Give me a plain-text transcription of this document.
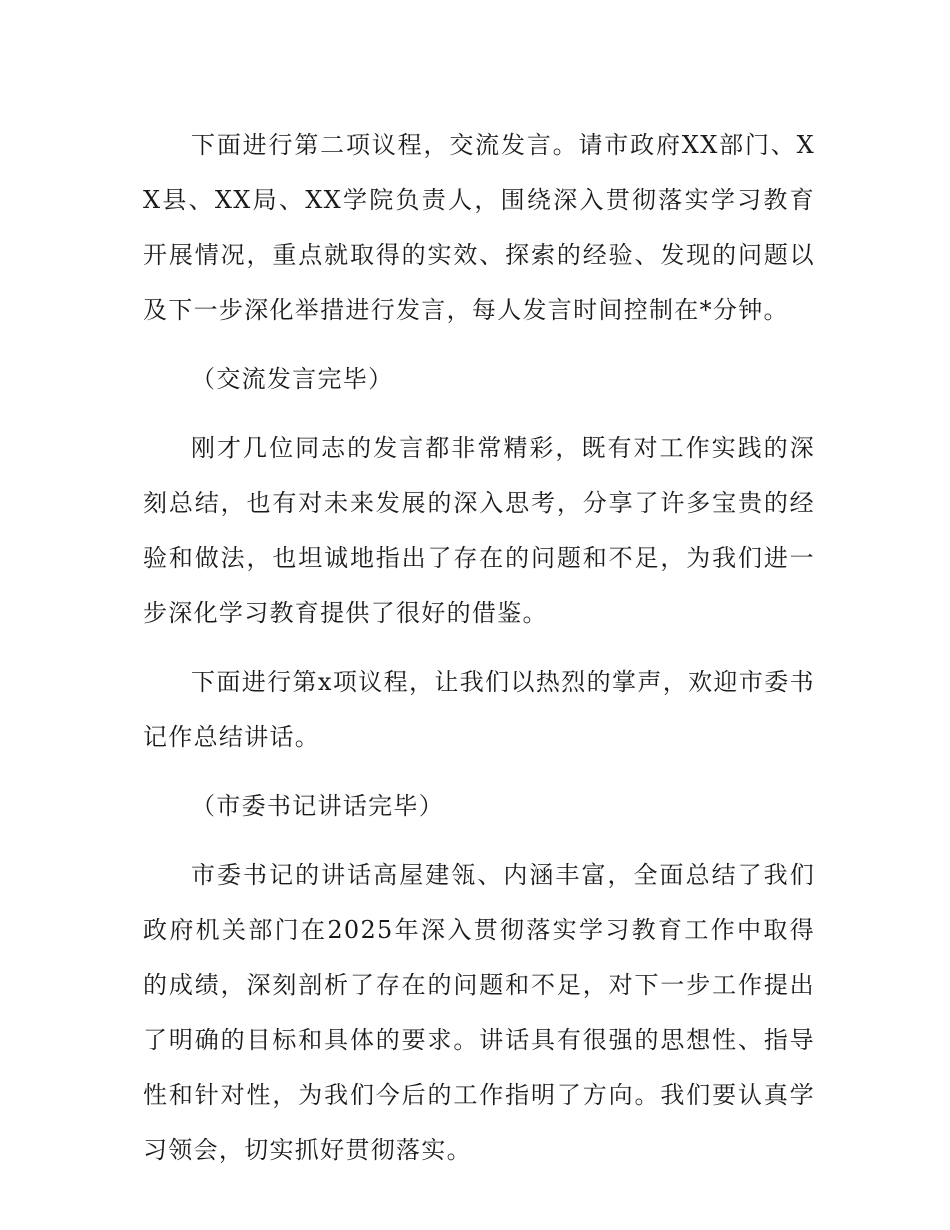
下面进行第二项议程，交流发言。请市政府XX部门、XX县、XX局、XX学院负责人，围绕深入贯彻落实学习教育开展情况，重点就取得的实效、探索的经验、发现的问题以及下一步深化举措进行发言，每人发言时间控制在*分钟。

（交流发言完毕）

刚才几位同志的发言都非常精彩，既有对工作实践的深刻总结，也有对未来发展的深入思考，分享了许多宝贵的经验和做法，也坦诚地指出了存在的问题和不足，为我们进一步深化学习教育提供了很好的借鉴。

下面进行第x项议程，让我们以热烈的掌声，欢迎市委书记作总结讲话。

（市委书记讲话完毕）

市委书记的讲话高屋建瓴、内涵丰富，全面总结了我们政府机关部门在2025年深入贯彻落实学习教育工作中取得的成绩，深刻剖析了存在的问题和不足，对下一步工作提出了明确的目标和具体的要求。讲话具有很强的思想性、指导性和针对性，为我们今后的工作指明了方向。我们要认真学习领会，切实抓好贯彻落实。
